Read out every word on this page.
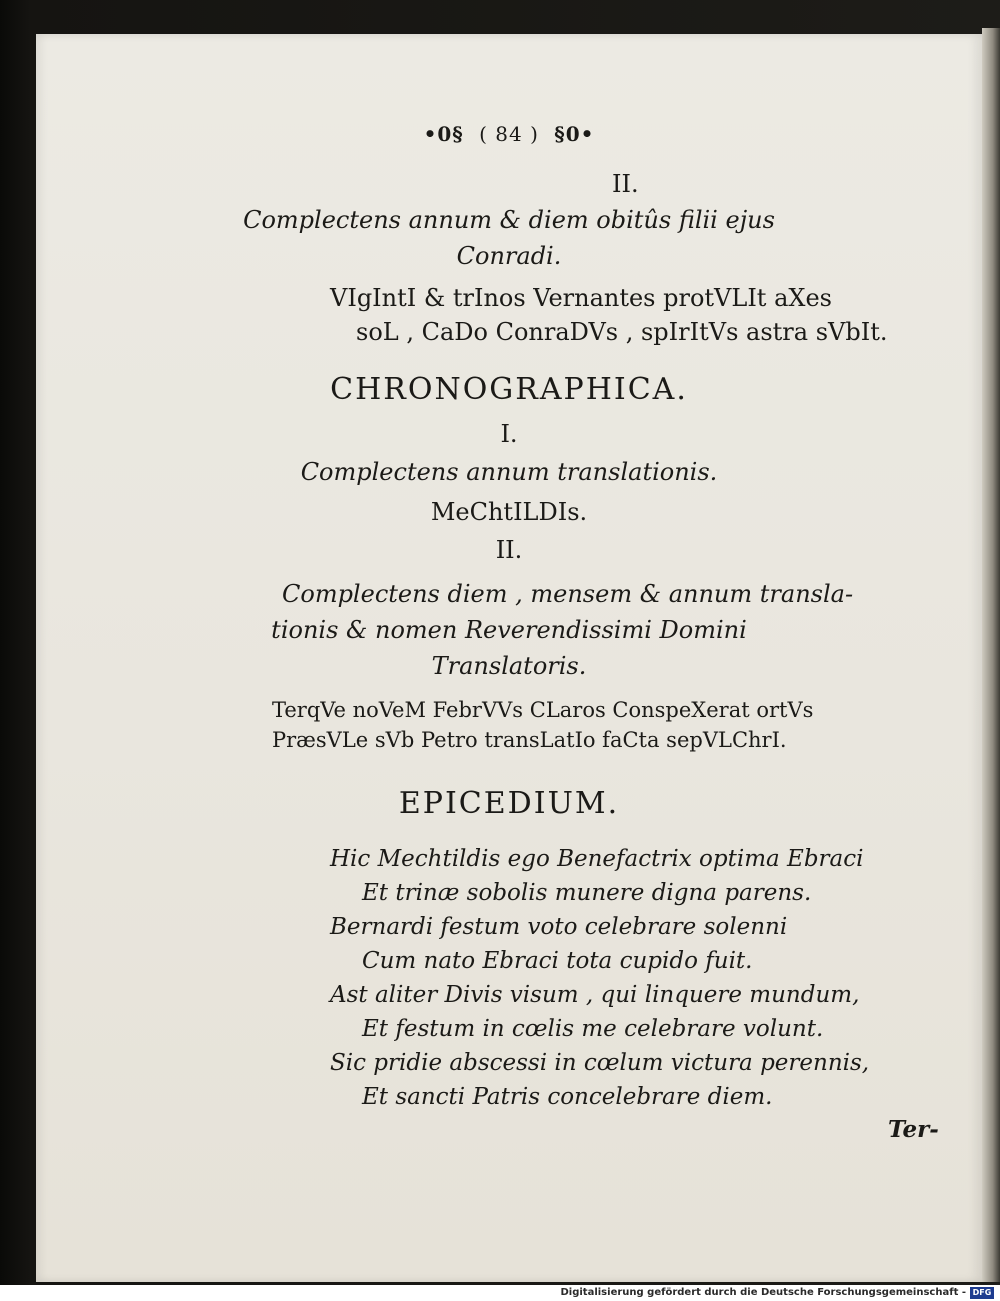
•0§ ( 84 ) §0•
II.
Complectens annum & diem obitûs filii ejus
Conradi.
VIgIntI & trInos Vernantes protVLIt aXes
soL , CaDo ConraDVs , spIrItVs astra sVbIt.
CHRONOGRAPHICA.
I.
Complectens annum translationis.
MeChtILDIs.
II.
Complectens diem , mensem & annum transla-
tionis & nomen Reverendissimi Domini
Translatoris.
TerqVe noVeM FebrVVs CLaros ConspeXerat ortVs
PræsVLe sVb Petro transLatIo faCta sepVLChrI.
EPICEDIUM.
Hic Mechtildis ego Benefactrix optima Ebraci
Et trinæ sobolis munere digna parens.
Bernardi festum voto celebrare solenni
Cum nato Ebraci tota cupido fuit.
Ast aliter Divis visum , qui linquere mundum,
Et festum in cœlis me celebrare volunt.
Sic pridie abscessi in cœlum victura perennis,
Et sancti Patris concelebrare diem.
Ter-
Digitalisierung gefördert durch die Deutsche Forschungsgemeinschaft - DFG
